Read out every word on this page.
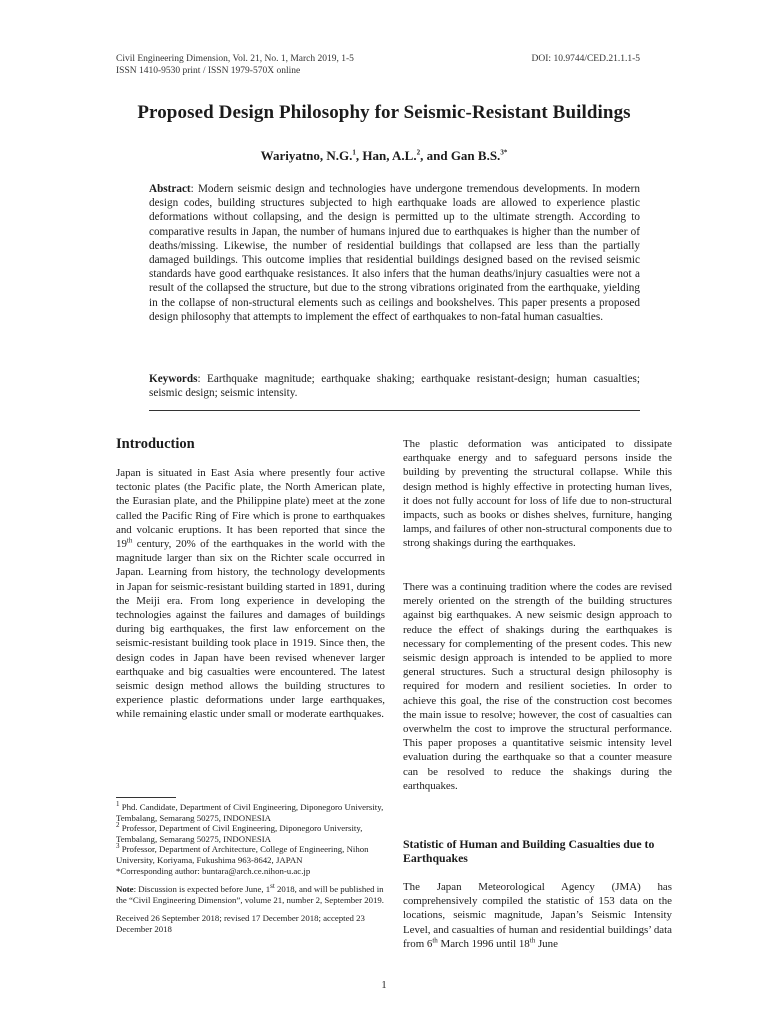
Civil Engineering Dimension, Vol. 21, No. 1, March 2019, 1-5
ISSN 1410-9530 print / ISSN 1979-570X online
DOI: 10.9744/CED.21.1.1-5
Proposed Design Philosophy for Seismic-Resistant Buildings
Wariyatno, N.G.$^1$, Han, A.L.$^2$, and Gan B.S.$^{3*}$
Abstract: Modern seismic design and technologies have undergone tremendous developments. In modern design codes, building structures subjected to high earthquake loads are allowed to experience plastic deformations without collapsing, and the design is permitted up to the ultimate strength. According to comparative results in Japan, the number of humans injured due to earthquakes is higher than the number of deaths/missing. Likewise, the number of residential buildings that collapsed are less than the partially damaged buildings. This outcome implies that residential buildings designed based on the revised seismic standards have good earthquake resistances. It also infers that the human deaths/injury casualties were not a result of the collapsed the structure, but due to the strong vibrations originated from the earthquake, yielding in the collapse of non-structural elements such as ceilings and bookshelves. This paper presents a proposed design philosophy that attempts to implement the effect of earthquakes to non-fatal human casualties.
Keywords: Earthquake magnitude; earthquake shaking; earthquake resistant-design; human casualties; seismic design; seismic intensity.
Introduction
Japan is situated in East Asia where presently four active tectonic plates (the Pacific plate, the North American plate, the Eurasian plate, and the Philippine plate) meet at the zone called the Pacific Ring of Fire which is prone to earthquakes and volcanic eruptions. It has been reported that since the 19th century, 20% of the earthquakes in the world with the magnitude larger than six on the Richter scale occurred in Japan. Learning from history, the technology developments in Japan for seismic-resistant building started in 1891, during the Meiji era. From long experience in developing the technologies against the failures and damages of buildings during big earthquakes, the first law enforcement on the seismic-resistant building took place in 1919. Since then, the design codes in Japan have been revised whenever larger earthquake and big casualties were encountered. The latest seismic design method allows the building structures to experience plastic deformations under large earthquakes, while remaining elastic under small or moderate earthquakes.

$^1$ Phd. Candidate, Department of Civil Engineering, Diponegoro University, Tembalang, Semarang 50275, INDONESIA

$^2$ Professor, Department of Civil Engineering, Diponegoro University, Tembalang, Semarang 50275, INDONESIA

$^3$ Professor, Department of Architecture, College of Engineering, Nihon University, Koriyama, Fukushima 963-8642, JAPAN

*Corresponding author: buntara@arch.ce.nihon-u.ac.jp

Note: Discussion is expected before June, 1st 2018, and will be published in the “Civil Engineering Dimension”, volume 21, number 2, September 2019.

Received 26 September 2018; revised 17 December 2018; accepted 23 December 2018

The plastic deformation was anticipated to dissipate earthquake energy and to safeguard persons inside the building by preventing the structural collapse. While this design method is highly effective in protecting human lives, it does not fully account for loss of life due to non-structural impacts, such as books or dishes shelves, furniture, hanging lamps, and failures of other non-structural components due to strong shakings during the earthquakes.
There was a continuing tradition where the codes are revised merely oriented on the strength of the building structures against big earthquakes. A new seismic design approach to reduce the effect of shakings during the earthquakes is necessary for complementing of the present codes. This new seismic design approach is intended to be applied to more general structures. Such a structural design philosophy is required for modern and resilient societies. In order to achieve this goal, the rise of the construction cost becomes the main issue to resolve; however, the cost of casualties can overwhelm the cost to improve the structural performance. This paper proposes a quantitative seismic intensity level evaluation during the earthquake so that a counter measure can be resolved to reduce the shakings during the earthquakes.
Statistic of Human and Building Casualties due to Earthquakes
The Japan Meteorological Agency (JMA) has comprehensively compiled the statistic of 153 data on the locations, seismic magnitude, Japan’s Seismic Intensity Level, and casualties of human and residential buildings’ data from 6th March 1996 until 18th June
1
